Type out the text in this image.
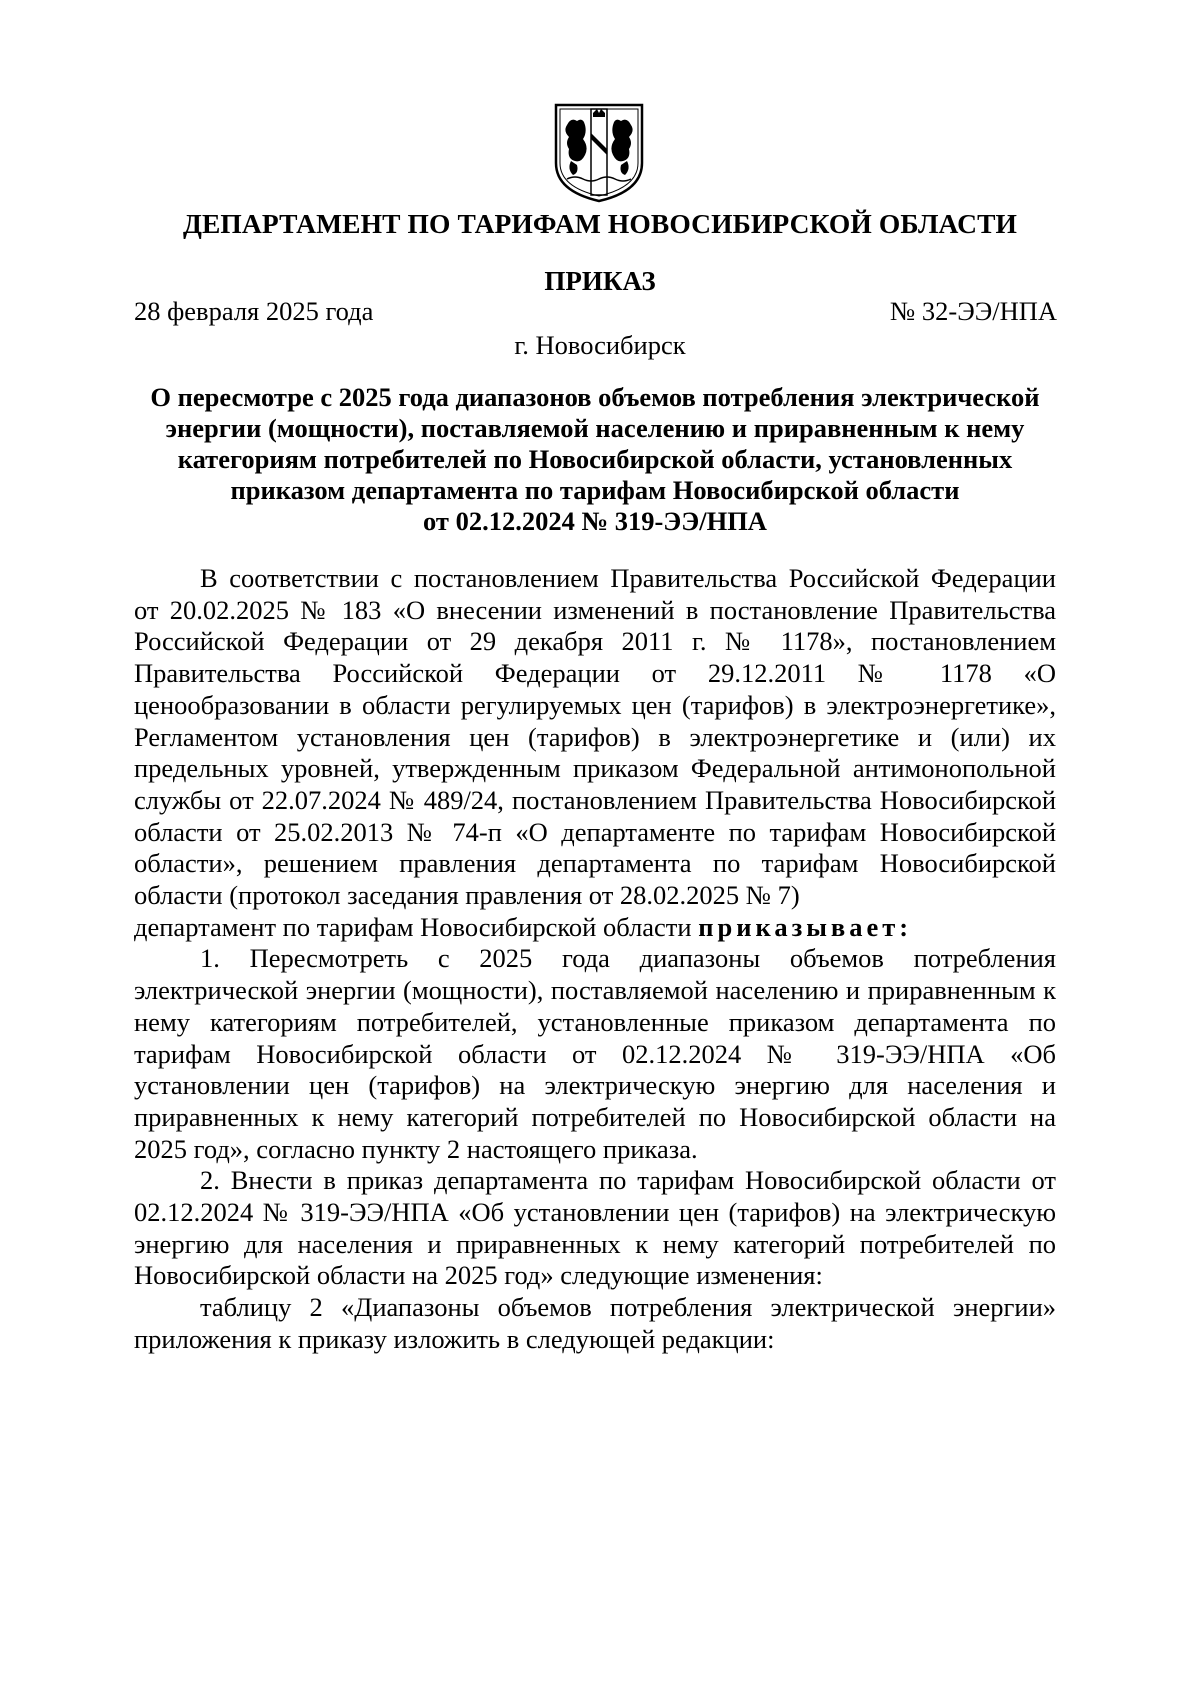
ДЕПАРТАМЕНТ ПО ТАРИФАМ НОВОСИБИРСКОЙ ОБЛАСТИ
ПРИКАЗ
28 февраля 2025 года	№ 32-ЭЭ/НПА
г. Новосибирск
О пересмотре с 2025 года диапазонов объемов потребления электрической
энергии (мощности), поставляемой населению и приравненным к нему
категориям потребителей по Новосибирской области, установленных
приказом департамента по тарифам Новосибирской области
от 02.12.2024 № 319-ЭЭ/НПА

В соответствии с постановлением Правительства Российской Федерации от 20.02.2025 № 183 «О внесении изменений в постановление Правительства Российской Федерации от 29 декабря 2011 г. № 1178», постановлением Правительства Российской Федерации от 29.12.2011 № 1178 «О ценообразовании в области регулируемых цен (тарифов) в электроэнергетике», Регламентом установления цен (тарифов) в электроэнергетике и (или) их предельных уровней, утвержденным приказом Федеральной антимонопольной службы от 22.07.2024 № 489/24, постановлением Правительства Новосибирской области от 25.02.2013 № 74-п «О департаменте по тарифам Новосибирской области», решением правления департамента по тарифам Новосибирской области (протокол заседания правления от 28.02.2025 № 7)

департамент по тарифам Новосибирской области приказывает:

1. Пересмотреть с 2025 года диапазоны объемов потребления электрической энергии (мощности), поставляемой населению и приравненным к нему категориям потребителей, установленные приказом департамента по тарифам Новосибирской области от 02.12.2024 № 319-ЭЭ/НПА «Об установлении цен (тарифов) на электрическую энергию для населения и приравненных к нему категорий потребителей по Новосибирской области на 2025 год», согласно пункту 2 настоящего приказа.

2. Внести в приказ департамента по тарифам Новосибирской области от 02.12.2024 № 319-ЭЭ/НПА «Об установлении цен (тарифов) на электрическую энергию для населения и приравненных к нему категорий потребителей по Новосибирской области на 2025 год» следующие изменения:

таблицу 2 «Диапазоны объемов потребления электрической энергии» приложения к приказу изложить в следующей редакции:
